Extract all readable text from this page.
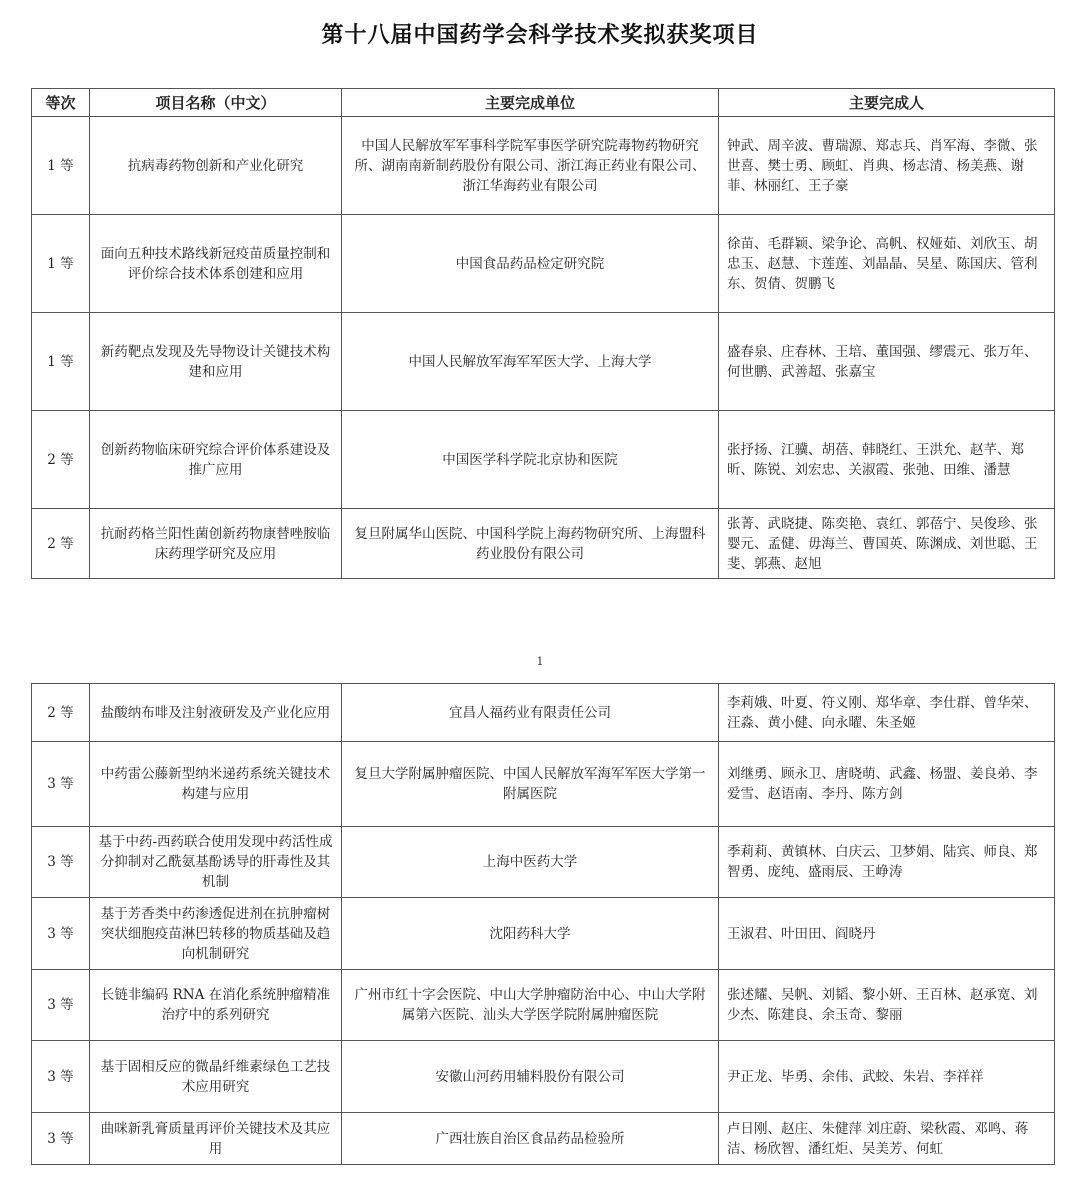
第十八届中国药学会科学技术奖拟获奖项目
等次	项目名称（中文）	主要完成单位	主要完成人
1 等	抗病毒药物创新和产业化研究	中国人民解放军军事科学院军事医学研究院毒物药物研究所、湖南南新制药股份有限公司、浙江海正药业有限公司、浙江华海药业有限公司	钟武、周辛波、曹瑞源、郑志兵、肖军海、李微、张世喜、樊士勇、顾虹、肖典、杨志清、杨美燕、谢菲、林丽红、王子豪
1 等	面向五种技术路线新冠疫苗质量控制和评价综合技术体系创建和应用	中国食品药品检定研究院	徐苗、毛群颖、梁争论、高帆、权娅茹、刘欣玉、胡忠玉、赵慧、卞莲莲、刘晶晶、吴星、陈国庆、管利东、贺倩、贺鹏飞
1 等	新药靶点发现及先导物设计关键技术构建和应用	中国人民解放军海军军医大学、上海大学	盛春泉、庄春林、王培、董国强、缪震元、张万年、何世鹏、武善超、张嘉宝
2 等	创新药物临床研究综合评价体系建设及推广应用	中国医学科学院北京协和医院	张抒扬、江骥、胡蓓、韩晓红、王洪允、赵芊、郑昕、陈锐、刘宏忠、关淑霞、张弛、田维、潘慧
2 等	抗耐药格兰阳性菌创新药物康替唑胺临床药理学研究及应用	复旦附属华山医院、中国科学院上海药物研究所、上海盟科药业股份有限公司	张菁、武晓捷、陈奕艳、袁红、郭蓓宁、吴俊珍、张婴元、孟健、毋海兰、曹国英、陈渊成、刘世聪、王斐、郭燕、赵旭
1
2 等	盐酸纳布啡及注射液研发及产业化应用	宜昌人福药业有限责任公司	李莉娥、叶夏、符义刚、郑华章、李仕群、曾华荣、汪淼、黄小健、向永曜、朱圣姬
3 等	中药雷公藤新型纳米递药系统关键技术构建与应用	复旦大学附属肿瘤医院、中国人民解放军海军军医大学第一附属医院	刘继勇、顾永卫、唐晓萌、武鑫、杨盟、姜良弟、李爱雪、赵语南、李丹、陈方剑
3 等	基于中药-西药联合使用发现中药活性成分抑制对乙酰氨基酚诱导的肝毒性及其机制	上海中医药大学	季莉莉、黄镇林、白庆云、卫梦娟、陆宾、师良、郑智勇、庞纯、盛雨辰、王峥涛
3 等	基于芳香类中药渗透促进剂在抗肿瘤树突状细胞疫苗淋巴转移的物质基础及趋向机制研究	沈阳药科大学	王淑君、叶田田、阎晓丹
3 等	长链非编码 RNA 在消化系统肿瘤精准治疗中的系列研究	广州市红十字会医院、中山大学肿瘤防治中心、中山大学附属第六医院、汕头大学医学院附属肿瘤医院	张述耀、吴帆、刘韬、黎小妍、王百林、赵承宽、刘少杰、陈建良、余玉奇、黎丽
3 等	基于固相反应的微晶纤维素绿色工艺技术应用研究	安徽山河药用辅料股份有限公司	尹正龙、毕勇、余伟、武蛟、朱岩、李祥祥
3 等	曲咪新乳膏质量再评价关键技术及其应用	广西壮族自治区食品药品检验所	卢日刚、赵庄、朱健萍 刘庄蔚、梁秋霞、邓鸣、蒋洁、杨欣智、潘红炬、吴美芳、何虹
